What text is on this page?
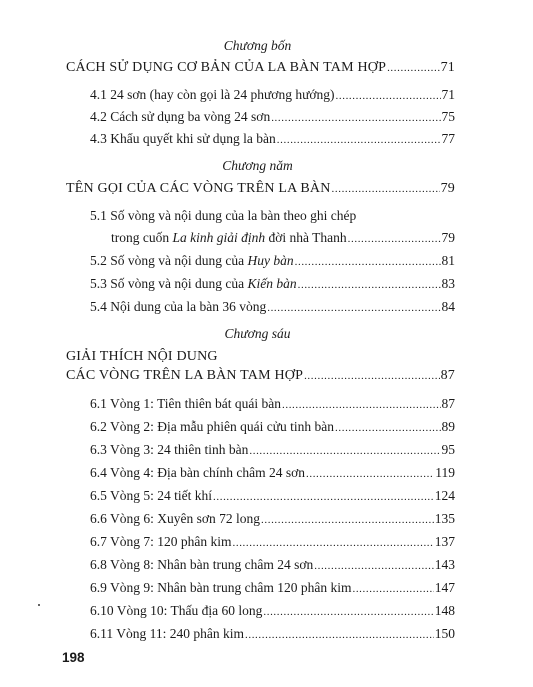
Chương bốn
CÁCH SỬ DỤNG CƠ BẢN CỦA LA BÀN TAM HỢP .....	71
4.1 24 sơn (hay còn gọi là 24 phương hướng) .....	71
4.2 Cách sử dụng ba vòng 24 sơn .....	75
4.3 Khẩu quyết khi sử dụng la bàn .....	77
Chương năm
TÊN GỌI CỦA CÁC VÒNG TRÊN LA BÀN .....	79
5.1 Số vòng và nội dung của la bàn theo ghi chép
trong cuốn La kinh giải định đời nhà Thanh .....	79
5.2 Số vòng và nội dung của Huy bàn .....	81
5.3 Số vòng và nội dung của Kiến bàn .....	83
5.4 Nội dung của la bàn 36 vòng .....	84
Chương sáu
GIẢI THÍCH NỘI DUNG
CÁC VÒNG TRÊN LA BÀN TAM HỢP .....	87
6.1 Vòng 1: Tiên thiên bát quái bàn .....	87
6.2 Vòng 2: Địa mẫu phiên quái cửu tinh bàn .....	89
6.3 Vòng 3: 24 thiên tinh bàn .....	95
6.4 Vòng 4: Địa bàn chính châm 24 sơn .....	119
6.5 Vòng 5: 24 tiết khí .....	124
6.6 Vòng 6: Xuyên sơn 72 long .....	135
6.7 Vòng 7: 120 phân kim .....	137
6.8 Vòng 8: Nhân bàn trung châm 24 sơn .....	143
6.9 Vòng 9: Nhân bàn trung châm 120 phân kim .....	147
6.10 Vòng 10: Thấu địa 60 long .....	148
6.11 Vòng 11: 240 phân kim .....	150
198
